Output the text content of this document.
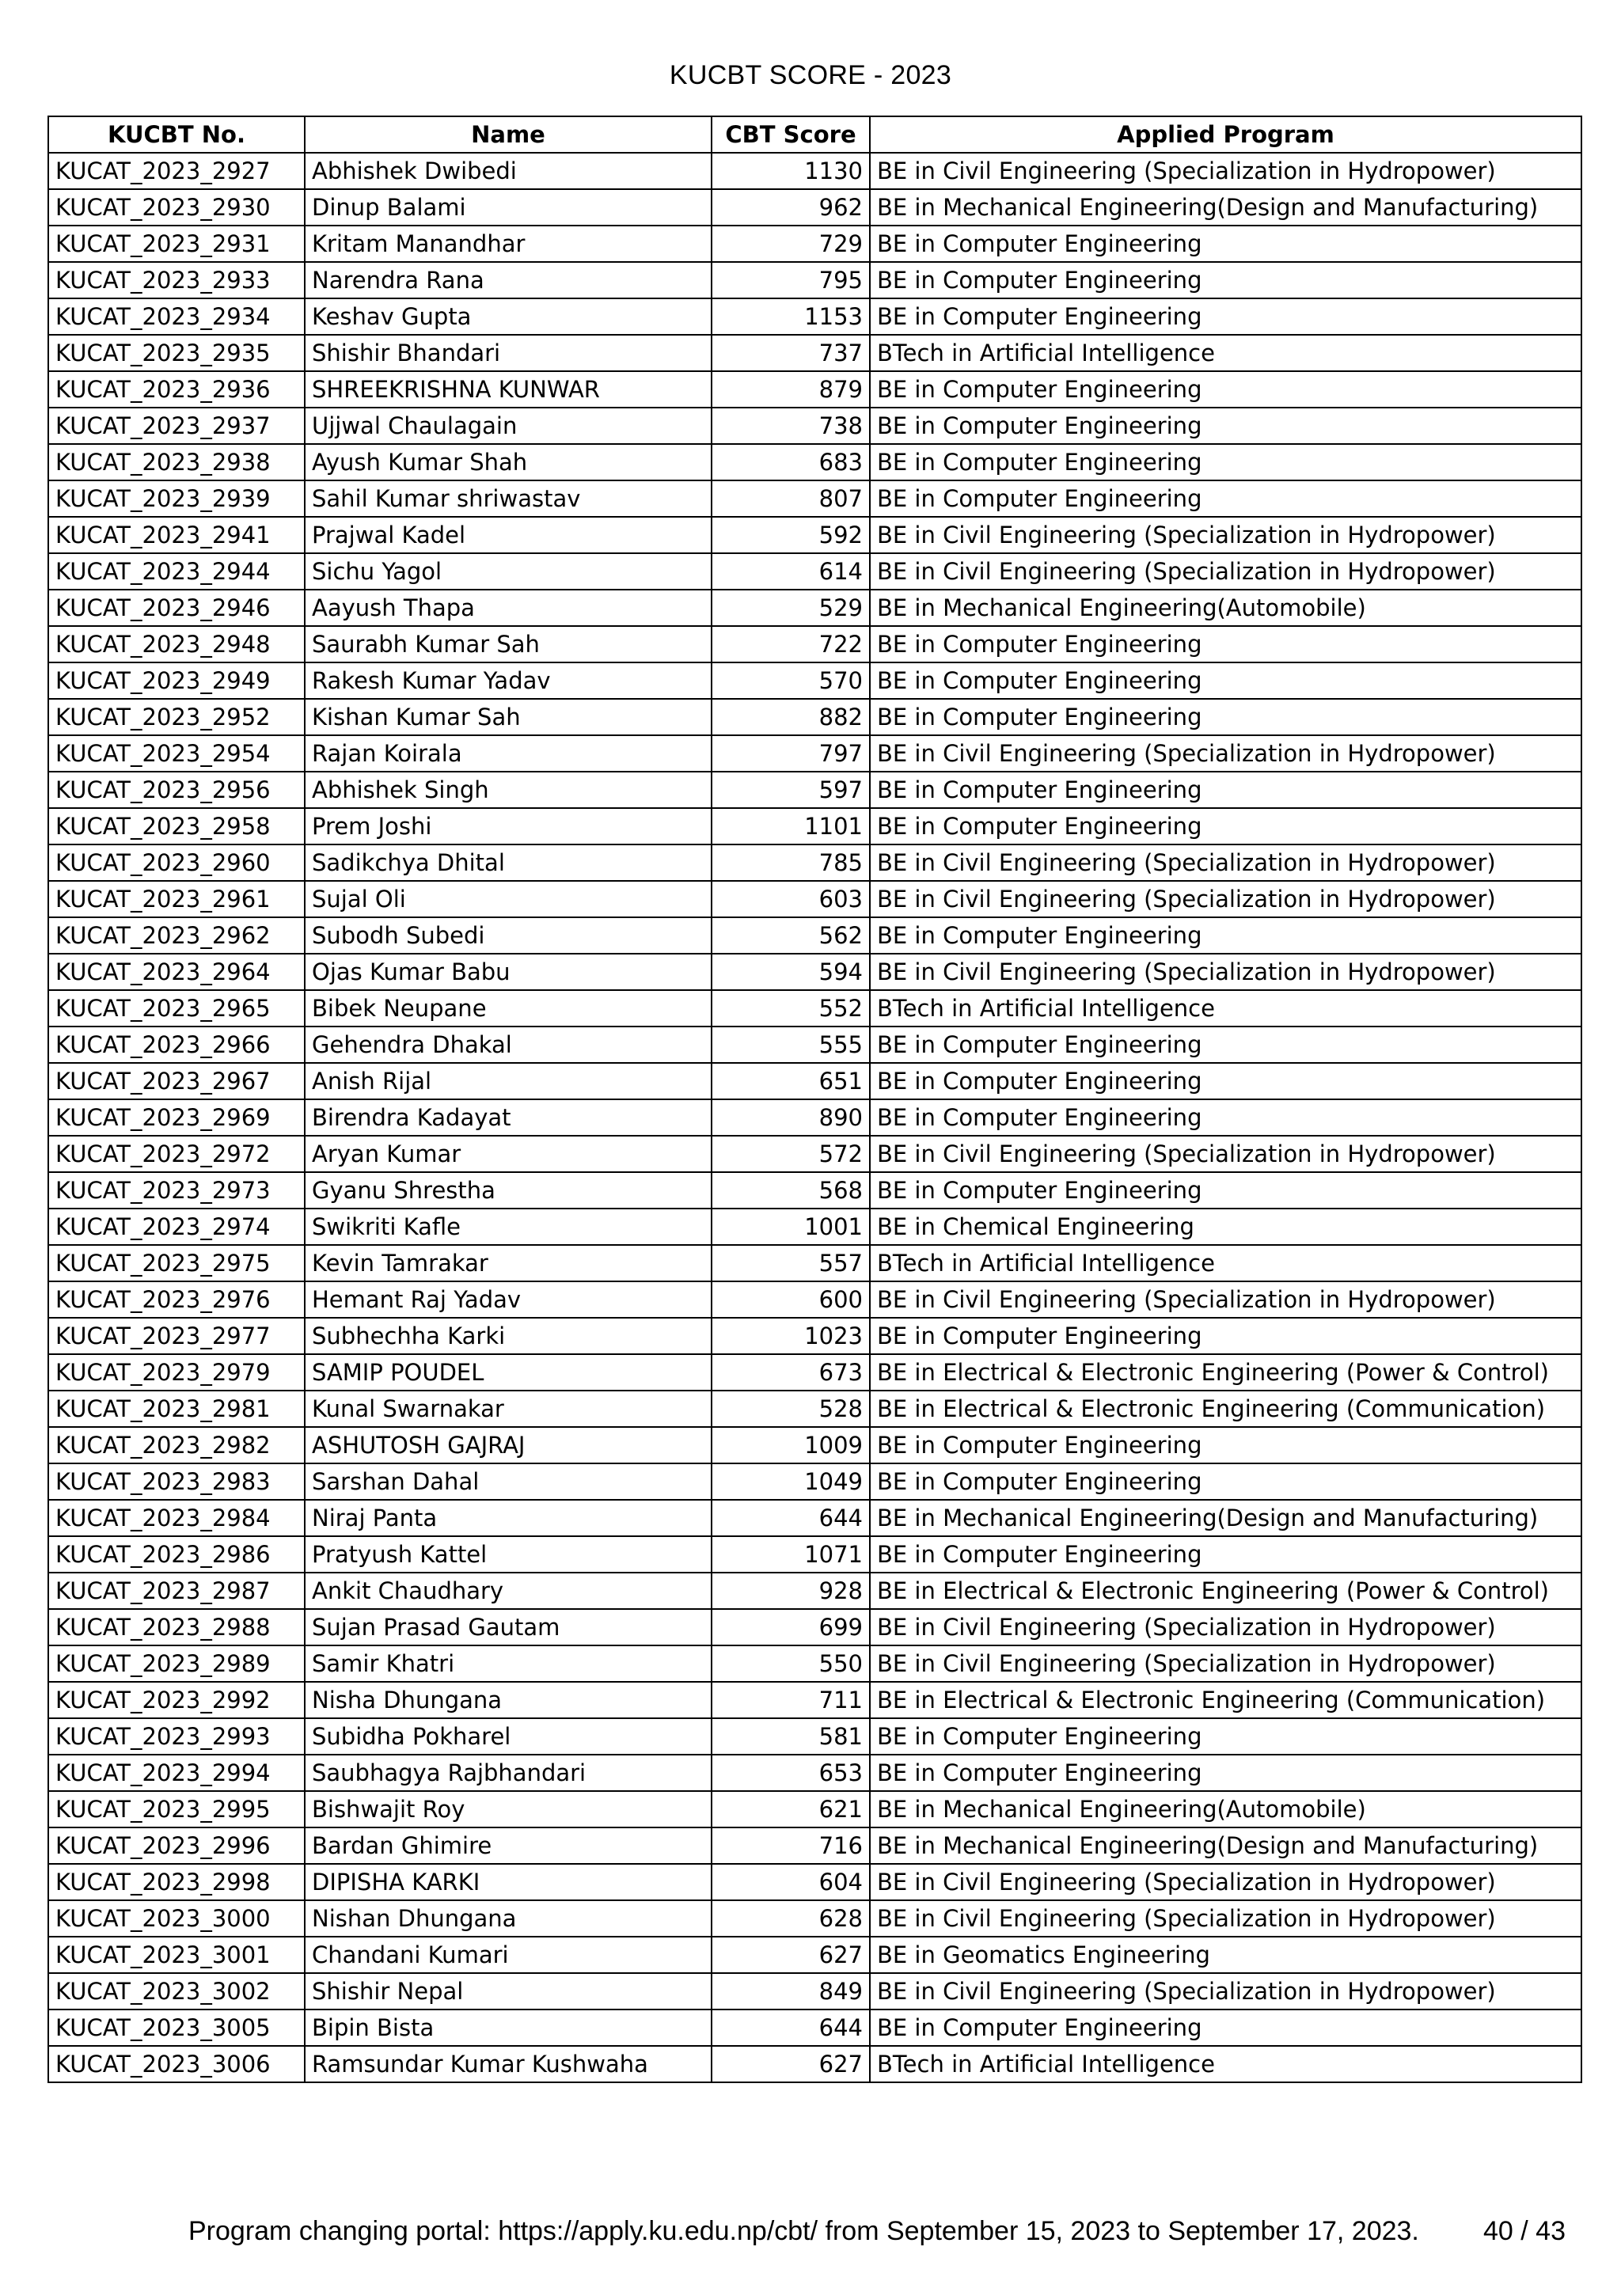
KUCBT SCORE - 2023
KUCBT No.	Name	CBT Score	Applied Program
KUCAT_2023_2927	Abhishek Dwibedi	1130	BE in Civil Engineering (Specialization in Hydropower)
KUCAT_2023_2930	Dinup Balami	962	BE in Mechanical Engineering(Design and Manufacturing)
KUCAT_2023_2931	Kritam Manandhar	729	BE in Computer Engineering
KUCAT_2023_2933	Narendra Rana	795	BE in Computer Engineering
KUCAT_2023_2934	Keshav Gupta	1153	BE in Computer Engineering
KUCAT_2023_2935	Shishir Bhandari	737	BTech in Artificial Intelligence
KUCAT_2023_2936	SHREEKRISHNA KUNWAR	879	BE in Computer Engineering
KUCAT_2023_2937	Ujjwal Chaulagain	738	BE in Computer Engineering
KUCAT_2023_2938	Ayush Kumar Shah	683	BE in Computer Engineering
KUCAT_2023_2939	Sahil Kumar shriwastav	807	BE in Computer Engineering
KUCAT_2023_2941	Prajwal Kadel	592	BE in Civil Engineering (Specialization in Hydropower)
KUCAT_2023_2944	Sichu Yagol	614	BE in Civil Engineering (Specialization in Hydropower)
KUCAT_2023_2946	Aayush Thapa	529	BE in Mechanical Engineering(Automobile)
KUCAT_2023_2948	Saurabh Kumar Sah	722	BE in Computer Engineering
KUCAT_2023_2949	Rakesh Kumar Yadav	570	BE in Computer Engineering
KUCAT_2023_2952	Kishan Kumar Sah	882	BE in Computer Engineering
KUCAT_2023_2954	Rajan Koirala	797	BE in Civil Engineering (Specialization in Hydropower)
KUCAT_2023_2956	Abhishek Singh	597	BE in Computer Engineering
KUCAT_2023_2958	Prem Joshi	1101	BE in Computer Engineering
KUCAT_2023_2960	Sadikchya Dhital	785	BE in Civil Engineering (Specialization in Hydropower)
KUCAT_2023_2961	Sujal Oli	603	BE in Civil Engineering (Specialization in Hydropower)
KUCAT_2023_2962	Subodh Subedi	562	BE in Computer Engineering
KUCAT_2023_2964	Ojas Kumar Babu	594	BE in Civil Engineering (Specialization in Hydropower)
KUCAT_2023_2965	Bibek Neupane	552	BTech in Artificial Intelligence
KUCAT_2023_2966	Gehendra Dhakal	555	BE in Computer Engineering
KUCAT_2023_2967	Anish Rijal	651	BE in Computer Engineering
KUCAT_2023_2969	Birendra Kadayat	890	BE in Computer Engineering
KUCAT_2023_2972	Aryan Kumar	572	BE in Civil Engineering (Specialization in Hydropower)
KUCAT_2023_2973	Gyanu Shrestha	568	BE in Computer Engineering
KUCAT_2023_2974	Swikriti Kafle	1001	BE in Chemical Engineering
KUCAT_2023_2975	Kevin Tamrakar	557	BTech in Artificial Intelligence
KUCAT_2023_2976	Hemant Raj Yadav	600	BE in Civil Engineering (Specialization in Hydropower)
KUCAT_2023_2977	Subhechha Karki	1023	BE in Computer Engineering
KUCAT_2023_2979	SAMIP POUDEL	673	BE in Electrical & Electronic Engineering (Power & Control)
KUCAT_2023_2981	Kunal Swarnakar	528	BE in Electrical & Electronic Engineering (Communication)
KUCAT_2023_2982	ASHUTOSH GAJRAJ	1009	BE in Computer Engineering
KUCAT_2023_2983	Sarshan Dahal	1049	BE in Computer Engineering
KUCAT_2023_2984	Niraj Panta	644	BE in Mechanical Engineering(Design and Manufacturing)
KUCAT_2023_2986	Pratyush Kattel	1071	BE in Computer Engineering
KUCAT_2023_2987	Ankit Chaudhary	928	BE in Electrical & Electronic Engineering (Power & Control)
KUCAT_2023_2988	Sujan Prasad Gautam	699	BE in Civil Engineering (Specialization in Hydropower)
KUCAT_2023_2989	Samir Khatri	550	BE in Civil Engineering (Specialization in Hydropower)
KUCAT_2023_2992	Nisha Dhungana	711	BE in Electrical & Electronic Engineering (Communication)
KUCAT_2023_2993	Subidha Pokharel	581	BE in Computer Engineering
KUCAT_2023_2994	Saubhagya Rajbhandari	653	BE in Computer Engineering
KUCAT_2023_2995	Bishwajit Roy	621	BE in Mechanical Engineering(Automobile)
KUCAT_2023_2996	Bardan Ghimire	716	BE in Mechanical Engineering(Design and Manufacturing)
KUCAT_2023_2998	DIPISHA KARKI	604	BE in Civil Engineering (Specialization in Hydropower)
KUCAT_2023_3000	Nishan Dhungana	628	BE in Civil Engineering (Specialization in Hydropower)
KUCAT_2023_3001	Chandani Kumari	627	BE in Geomatics Engineering
KUCAT_2023_3002	Shishir Nepal	849	BE in Civil Engineering (Specialization in Hydropower)
KUCAT_2023_3005	Bipin Bista	644	BE in Computer Engineering
KUCAT_2023_3006	Ramsundar Kumar Kushwaha	627	BTech in Artificial Intelligence
Program changing portal: https://apply.ku.edu.np/cbt/ from September 15, 2023 to September 17, 2023. 40 / 43
